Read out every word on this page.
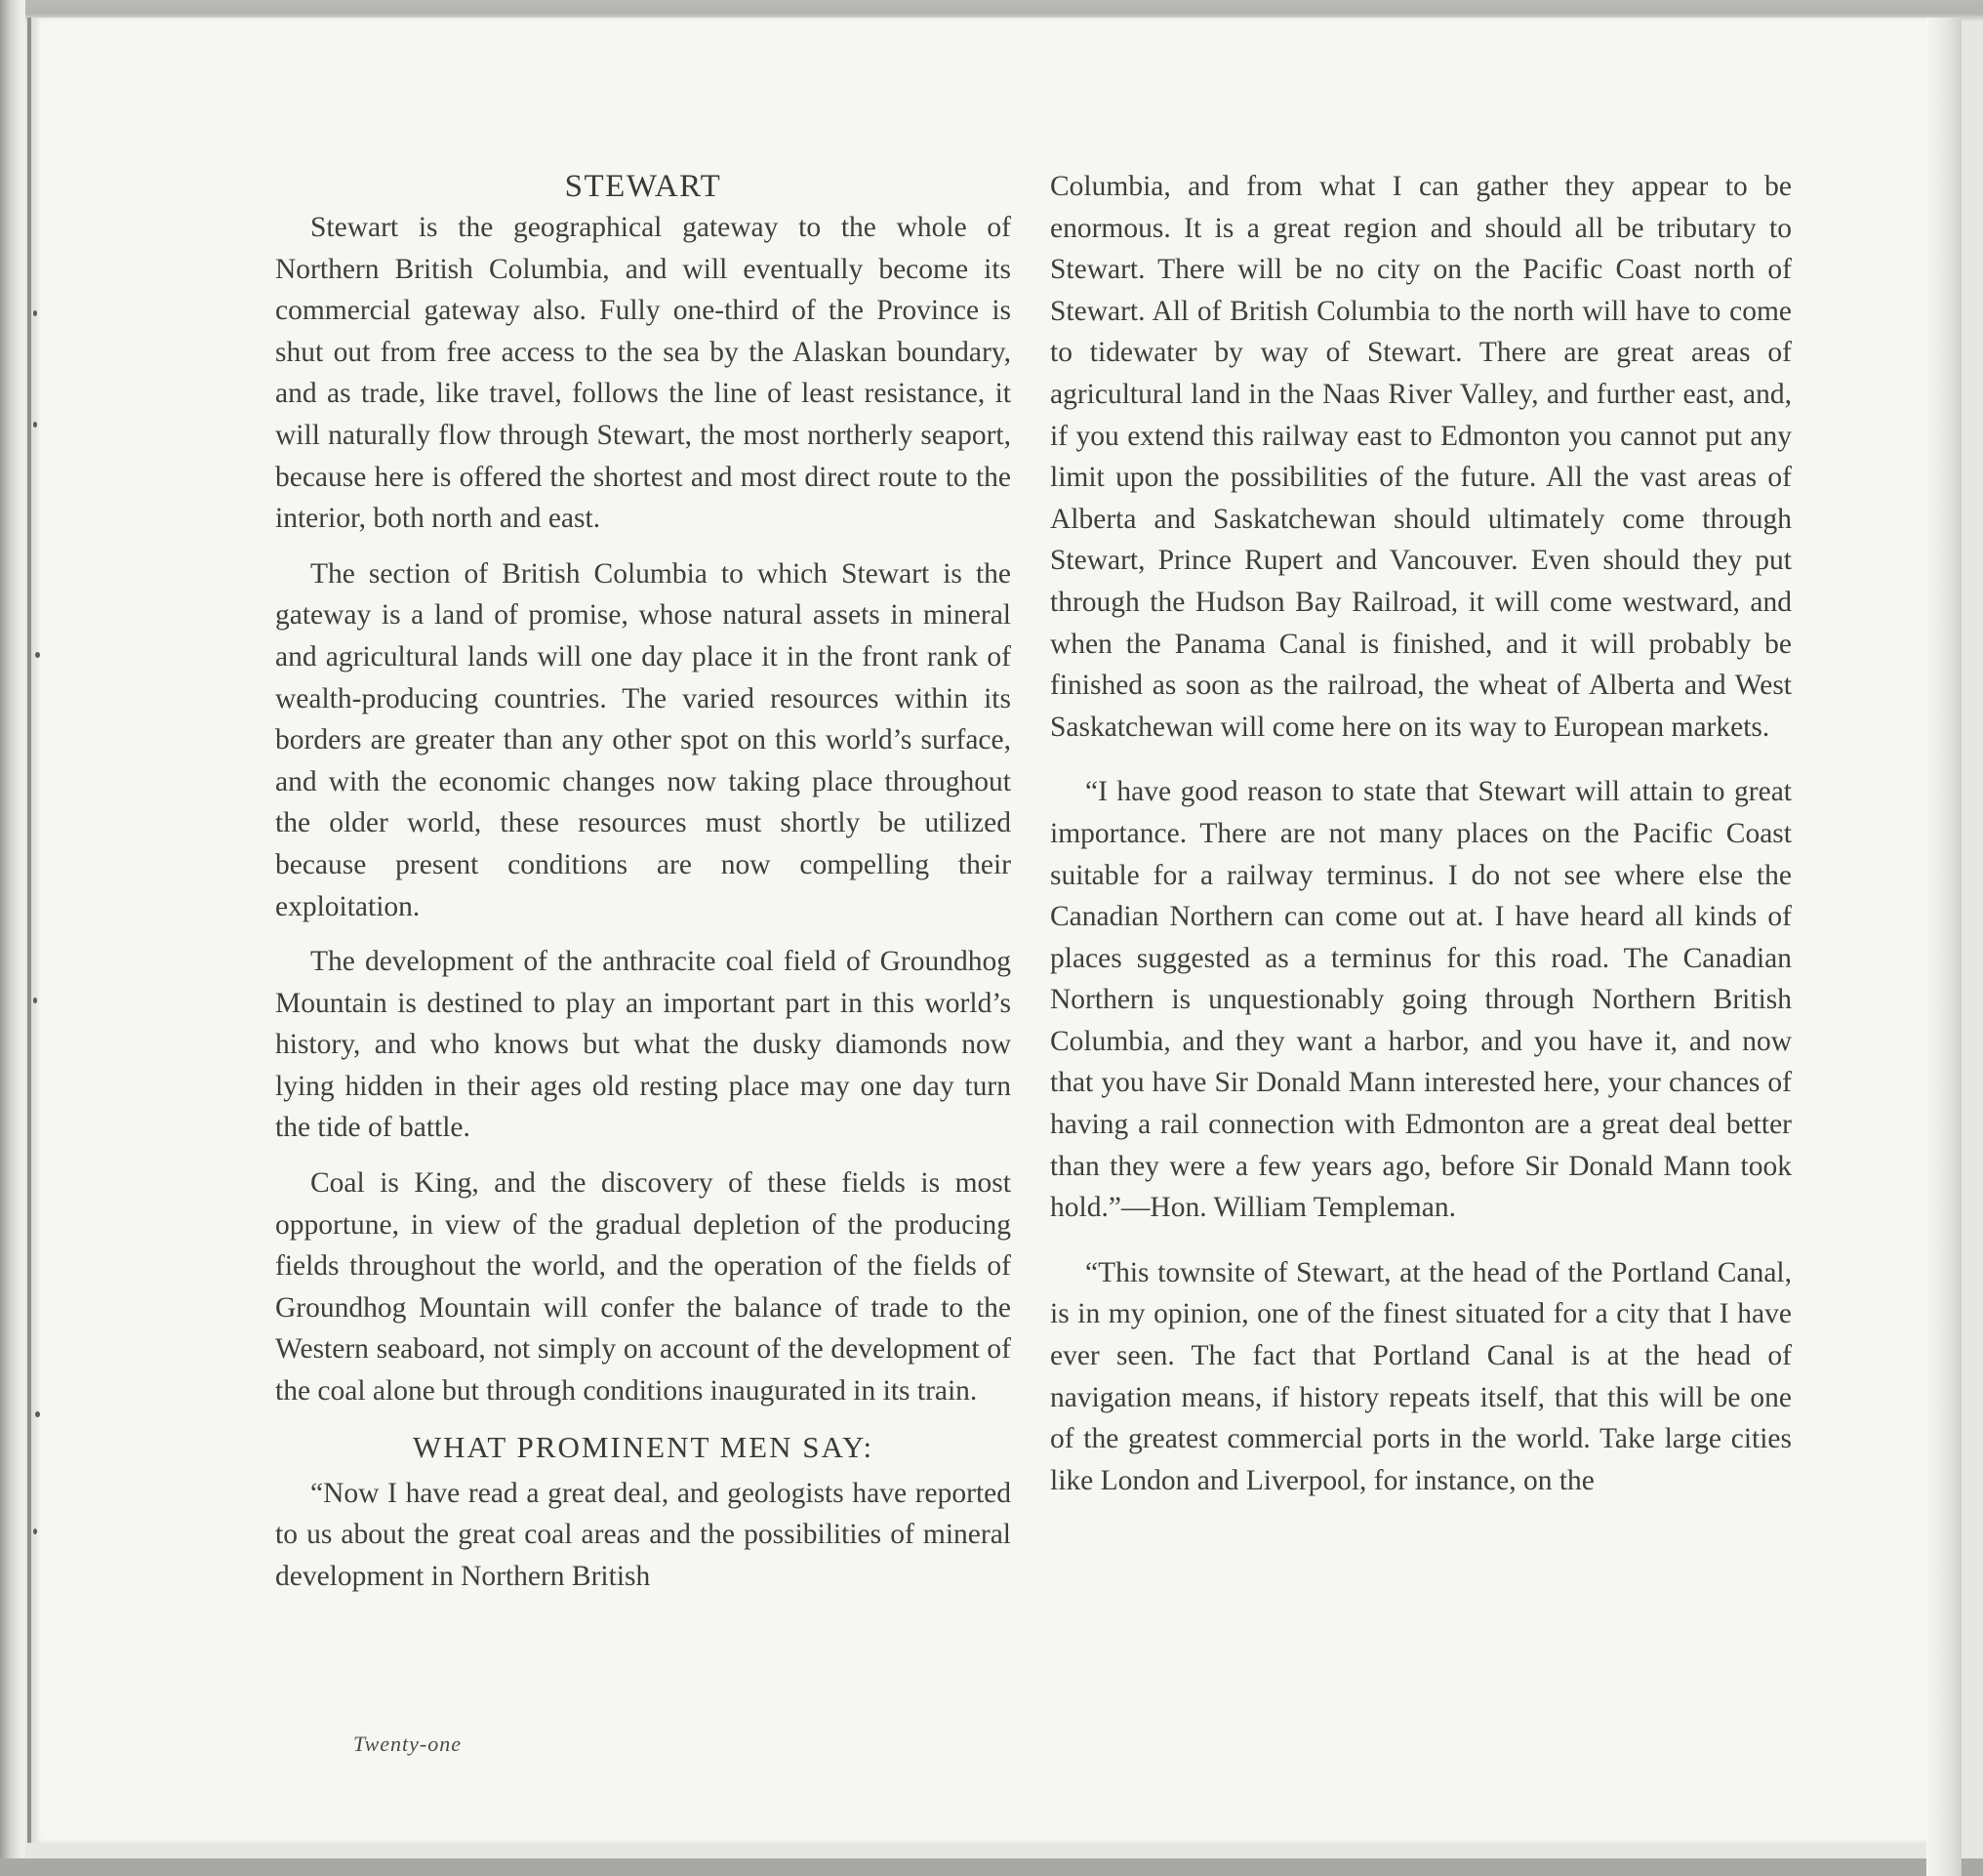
STEWART

Stewart is the geographical gateway to the whole of Northern British Columbia, and will eventually become its commercial gateway also. Fully one-third of the Province is shut out from free access to the sea by the Alaskan boundary, and as trade, like travel, follows the line of least resistance, it will naturally flow through Stewart, the most northerly seaport, because here is offered the shortest and most direct route to the interior, both north and east.

The section of British Columbia to which Stewart is the gateway is a land of promise, whose natural assets in mineral and agricultural lands will one day place it in the front rank of wealth-producing countries. The varied resources within its borders are greater than any other spot on this world’s surface, and with the economic changes now taking place throughout the older world, these resources must shortly be utilized because present conditions are now compelling their exploitation.

The development of the anthracite coal field of Groundhog Mountain is destined to play an important part in this world’s history, and who knows but what the dusky diamonds now lying hidden in their ages old resting place may one day turn the tide of battle.

Coal is King, and the discovery of these fields is most opportune, in view of the gradual depletion of the producing fields throughout the world, and the operation of the fields of Groundhog Mountain will confer the balance of trade to the Western seaboard, not simply on account of the development of the coal alone but through conditions inaugurated in its train.

WHAT PROMINENT MEN SAY:

“Now I have read a great deal, and geologists have reported to us about the great coal areas and the possibilities of mineral development in Northern British

Columbia, and from what I can gather they appear to be enormous. It is a great region and should all be tributary to Stewart. There will be no city on the Pacific Coast north of Stewart. All of British Columbia to the north will have to come to tidewater by way of Stewart. There are great areas of agricultural land in the Naas River Valley, and further east, and, if you extend this railway east to Edmonton you cannot put any limit upon the possibilities of the future. All the vast areas of Alberta and Saskatchewan should ultimately come through Stewart, Prince Rupert and Vancouver. Even should they put through the Hudson Bay Railroad, it will come westward, and when the Panama Canal is finished, and it will probably be finished as soon as the railroad, the wheat of Alberta and West Saskatchewan will come here on its way to European markets.

“I have good reason to state that Stewart will attain to great importance. There are not many places on the Pacific Coast suitable for a railway terminus. I do not see where else the Canadian Northern can come out at. I have heard all kinds of places suggested as a terminus for this road. The Canadian Northern is unquestionably going through Northern British Columbia, and they want a harbor, and you have it, and now that you have Sir Donald Mann interested here, your chances of having a rail connection with Edmonton are a great deal better than they were a few years ago, before Sir Donald Mann took hold.”—Hon. William Templeman.

“This townsite of Stewart, at the head of the Portland Canal, is in my opinion, one of the finest situated for a city that I have ever seen. The fact that Portland Canal is at the head of navigation means, if history repeats itself, that this will be one of the greatest commercial ports in the world. Take large cities like London and Liverpool, for instance, on the

Twenty-one
